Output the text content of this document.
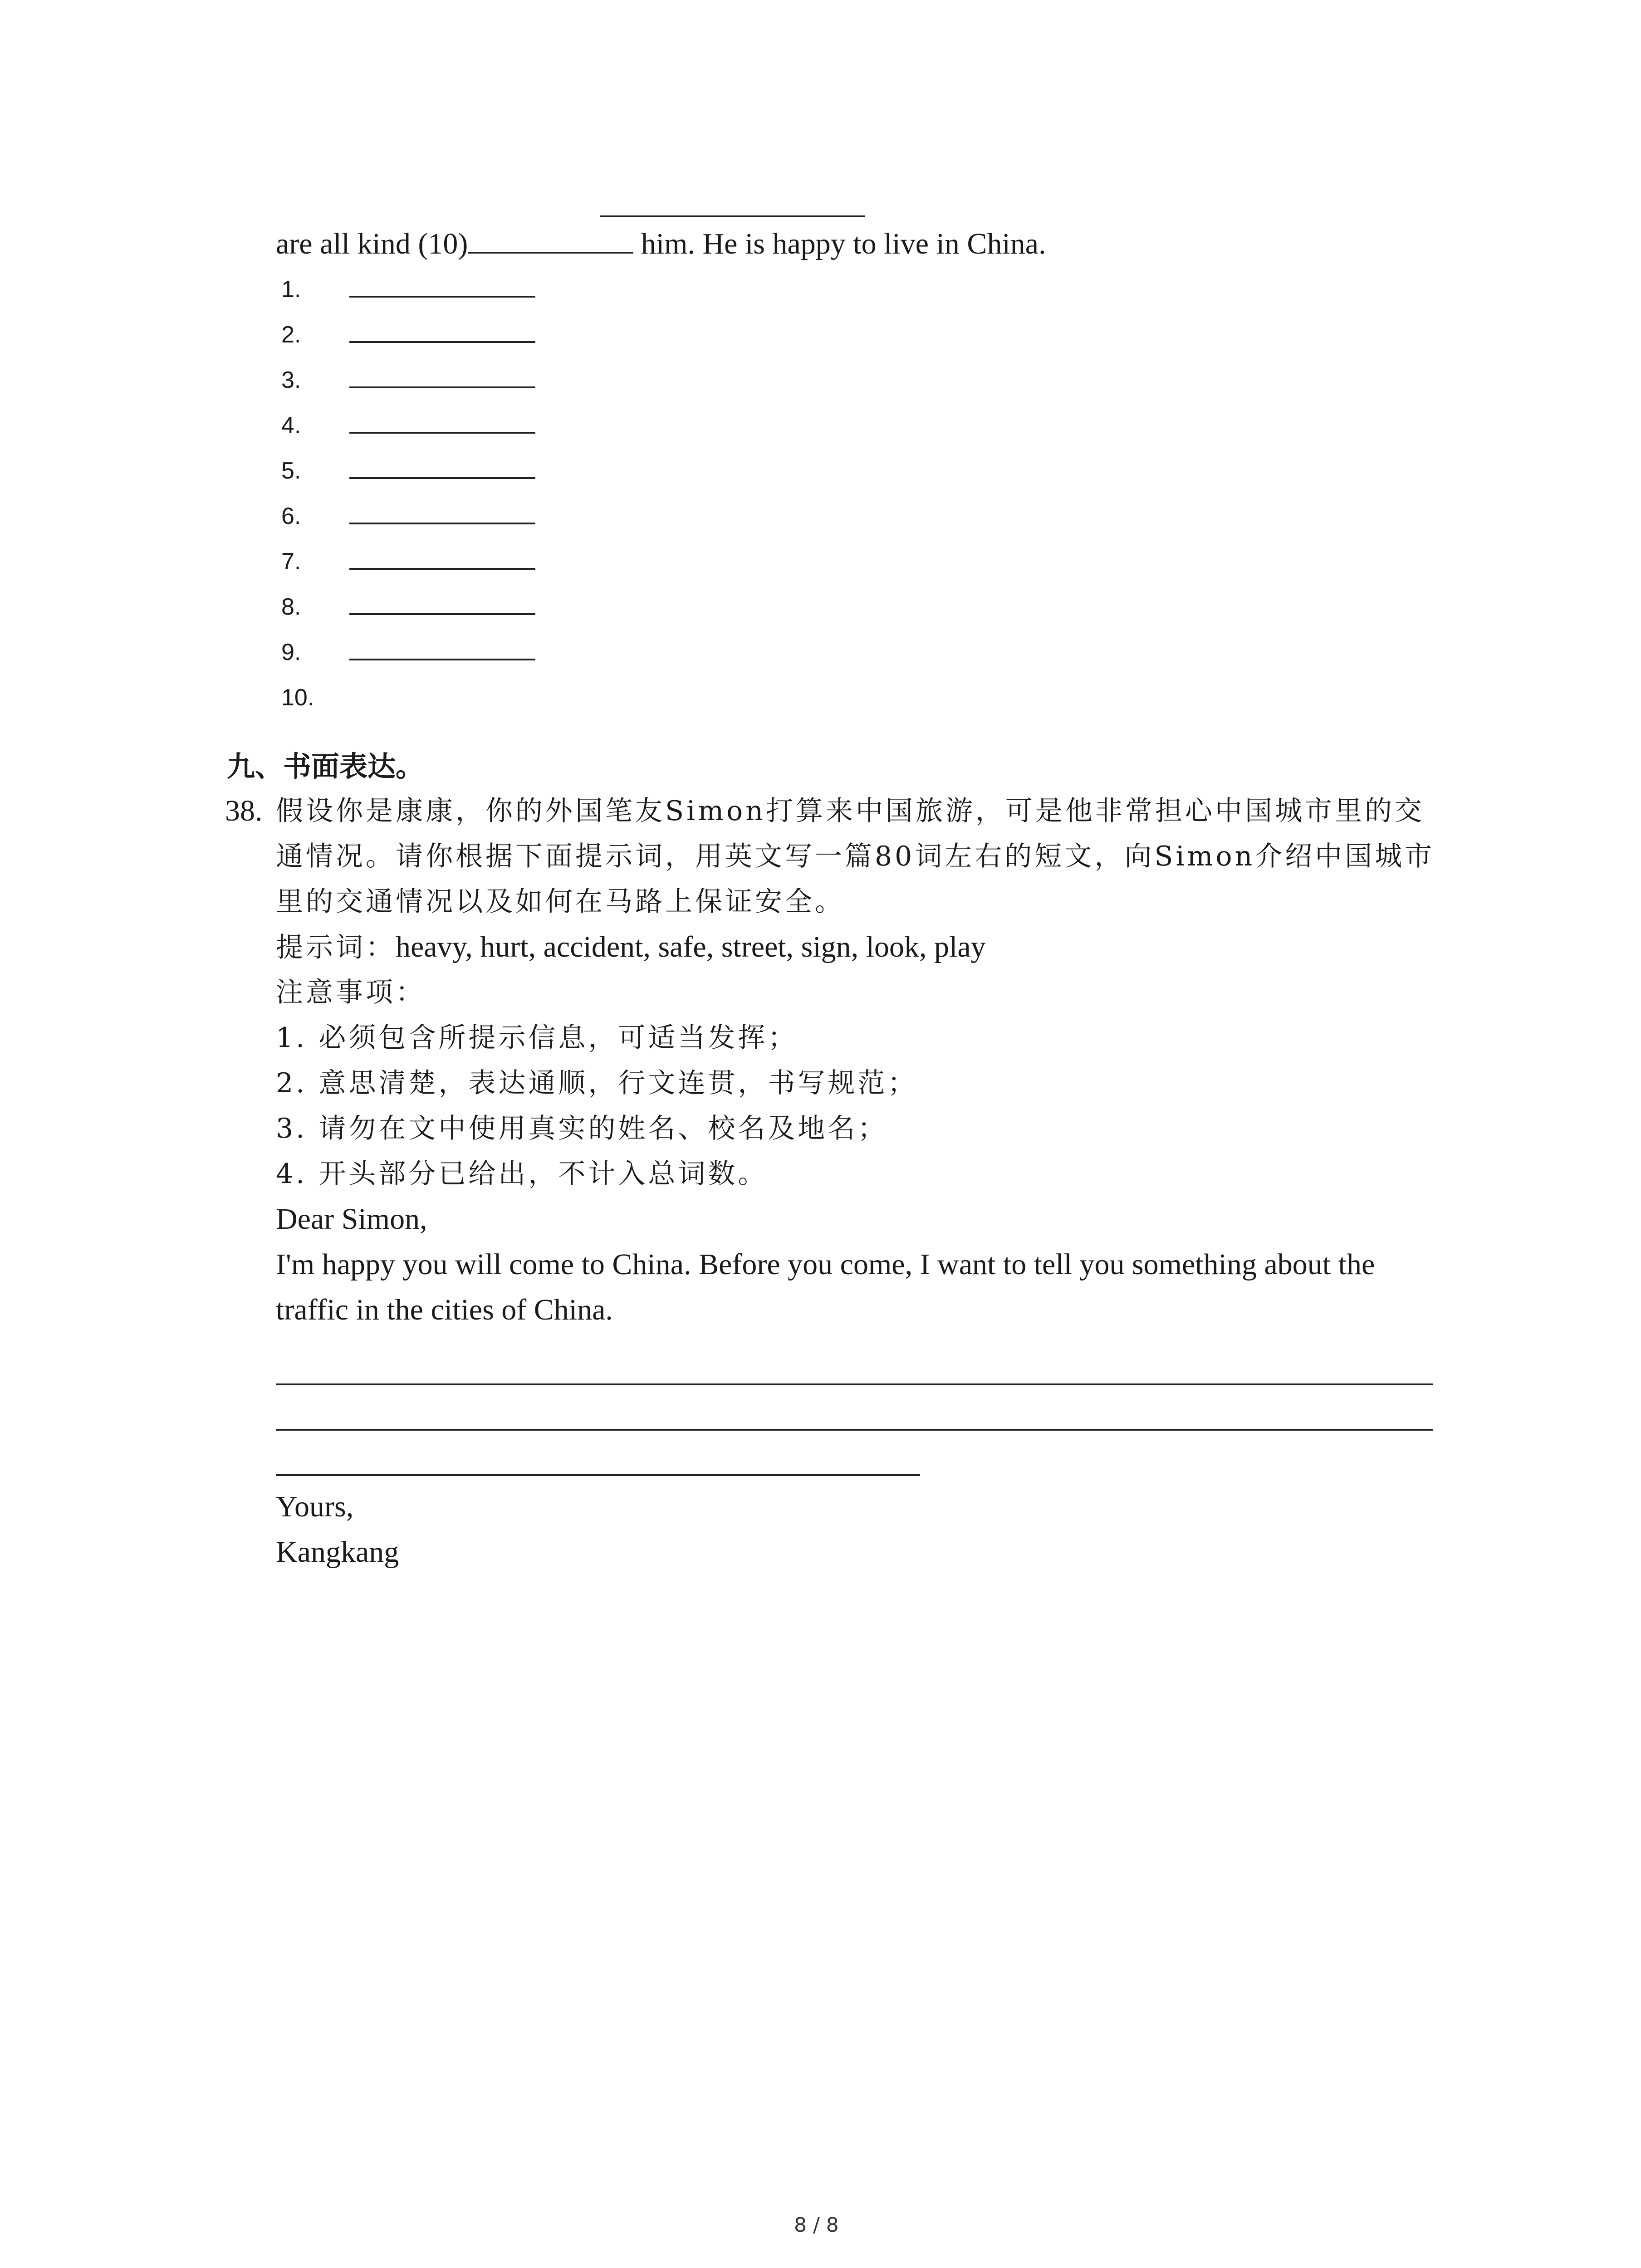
are all kind (10)	him. He is happy to live in China.
1.
2.
3.
4.
5.
6.
7.
8.
9.
10.
九、书面表达。
38. 假设你是康康，你的外国笔友Simon打算来中国旅游，可是他非常担心中国城市里的交
通情况。请你根据下面提示词，用英文写一篇80词左右的短文，向Simon介绍中国城市
里的交通情况以及如何在马路上保证安全。
提示词：heavy, hurt, accident, safe, street, sign, look, play
注意事项：
1. 必须包含所提示信息，可适当发挥；
2. 意思清楚，表达通顺，行文连贯，书写规范；
3. 请勿在文中使用真实的姓名、校名及地名；
4. 开头部分已给出，不计入总词数。
Dear Simon,
I'm happy you will come to China. Before you come, I want to tell you something about the
traffic in the cities of China.
Yours,
Kangkang
8 / 8
